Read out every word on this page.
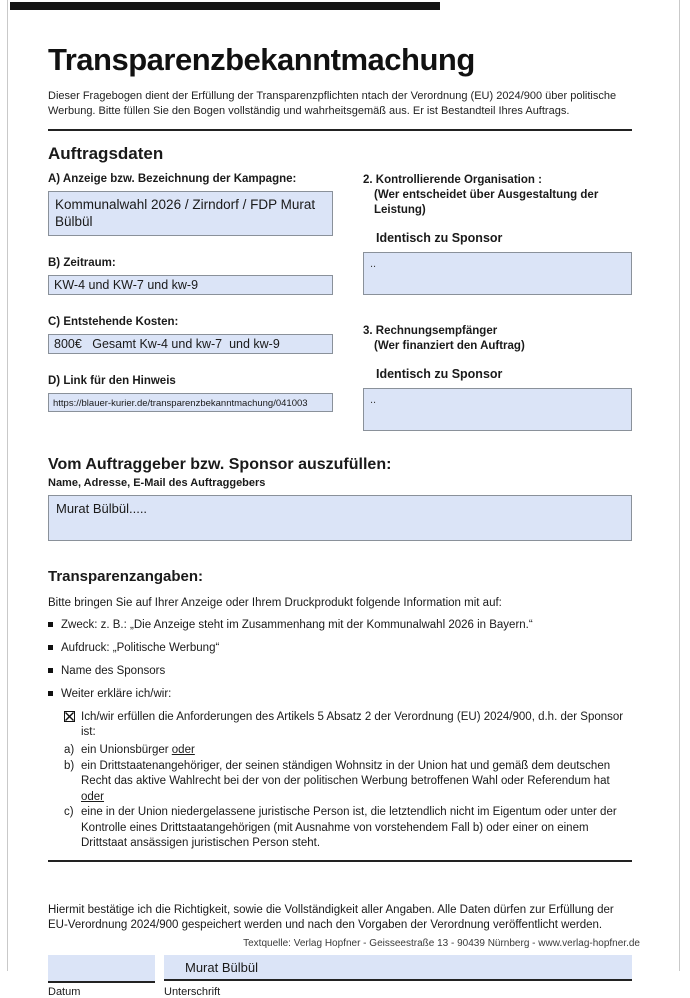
Transparenzbekanntmachung

Dieser Fragebogen dient der Erfüllung der Transparenzpflichten ntach der Verordnung (EU) 2024/900 über politische Werbung. Bitte füllen Sie den Bogen vollständig und wahrheitsgemäß aus. Er ist Bestandteil Ihres Auftrags.

Auftragsdaten
A) Anzeige bzw. Bezeichnung der Kampagne:
Kommunalwahl 2026 / Zirndorf / FDP Murat Bülbül
B) Zeitraum:
KW-4 und KW-7 und kw-9
C) Entstehende Kosten:
800€   Gesamt Kw-4 und kw-7  und kw-9
D) Link für den Hinweis
https://blauer-kurier.de/transparenzbekanntmachung/041003
2. Kontrollierende Organisation :
(Wer entscheidet über Ausgestaltung der Leistung)
Identisch zu Sponsor
..
3. Rechnungsempfänger
(Wer finanziert den Auftrag)
Identisch zu Sponsor
..
Vom Auftraggeber bzw. Sponsor auszufüllen:
Name, Adresse, E-Mail des Auftraggebers
Murat Bülbül.....
Transparenzangaben:

Bitte bringen Sie auf Ihrer Anzeige oder Ihrem Druckprodukt folgende Information mit auf:

Zweck: z. B.: „Die Anzeige steht im Zusammenhang mit der Kommunalwahl 2026 in Bayern.“
Aufdruck: „Politische Werbung“
Name des Sponsors
Weiter erkläre ich/wir:
Ich/wir erfüllen die Anforderungen des Artikels 5 Absatz 2 der Verordnung (EU) 2024/900, d.h. der Sponsor ist:
a) ein Unionsbürger oder
b) ein Drittstaatenangehöriger, der seinen ständigen Wohnsitz in der Union hat und gemäß dem deutschen Recht das aktive Wahlrecht bei der von der politischen Werbung betroffenen Wahl oder Referendum hat oder
c) eine in der Union niedergelassene juristische Person ist, die letztendlich nicht im Eigentum oder unter der Kontrolle eines Drittstaatangehörigen (mit Ausnahme von vorstehendem Fall b) oder einer on einem Drittstaat ansässigen juristischen Person steht.

Hiermit bestätige ich die Richtigkeit, sowie die Vollständigkeit aller Angaben. Alle Daten dürfen zur Erfüllung der EU-Verordnung 2024/900 gespeichert werden und nach den Vorgaben der Verordnung veröffentlicht werden.

Murat Bülbül
Datum	Unterschrift
Textquelle: Verlag Hopfner - Geisseestraße 13 - 90439 Nürnberg - www.verlag-hopfner.de
